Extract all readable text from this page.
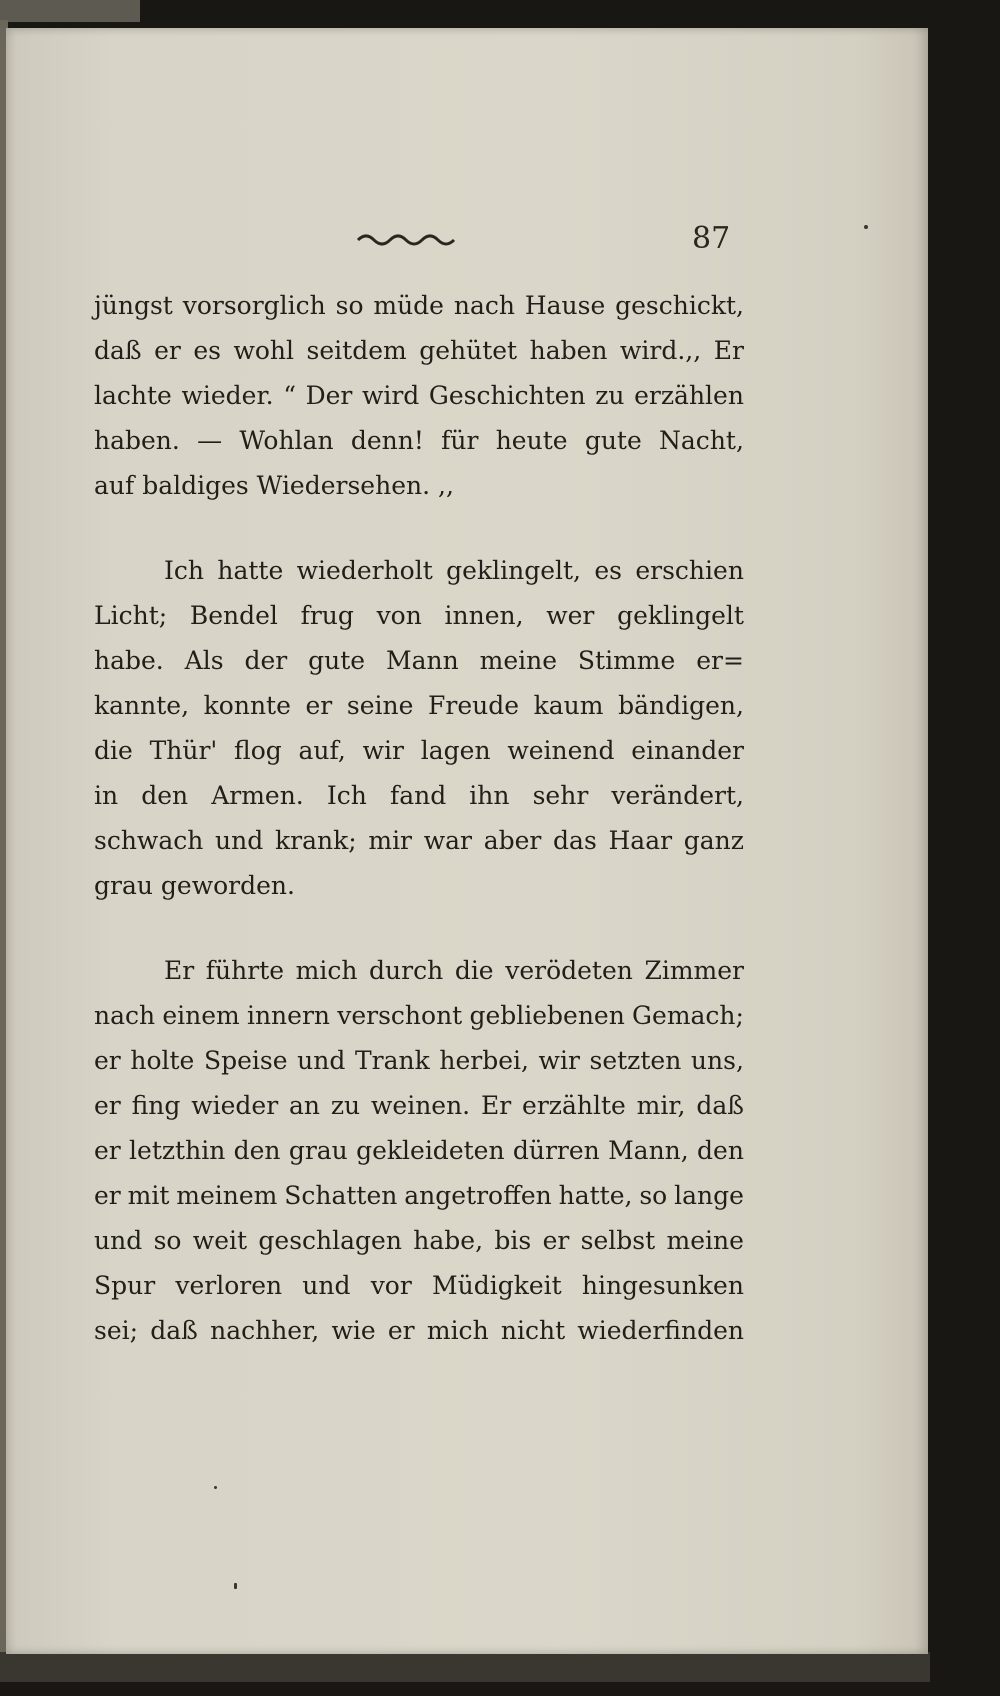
87
jüngst vorsorglich so müde nach Hause geschickt,
daß er es wohl seitdem gehütet haben wird.,, Er
lachte wieder. “ Der wird Geschichten zu erzählen
haben. — Wohlan denn! für heute gute Nacht,
auf baldiges Wiedersehen. ,,
Ich hatte wiederholt geklingelt, es erschien
Licht; Bendel frug von innen, wer geklingelt
habe. Als der gute Mann meine Stimme er=
kannte, konnte er seine Freude kaum bändigen,
die Thür' flog auf, wir lagen weinend einander
in den Armen. Ich fand ihn sehr verändert,
schwach und krank; mir war aber das Haar ganz
grau geworden.
Er führte mich durch die verödeten Zimmer
nach einem innern verschont gebliebenen Gemach;
er holte Speise und Trank herbei, wir setzten uns,
er fing wieder an zu weinen. Er erzählte mir, daß
er letzthin den grau gekleideten dürren Mann, den
er mit meinem Schatten angetroffen hatte, so lange
und so weit geschlagen habe, bis er selbst meine
Spur verloren und vor Müdigkeit hingesunken
sei; daß nachher, wie er mich nicht wiederfinden
